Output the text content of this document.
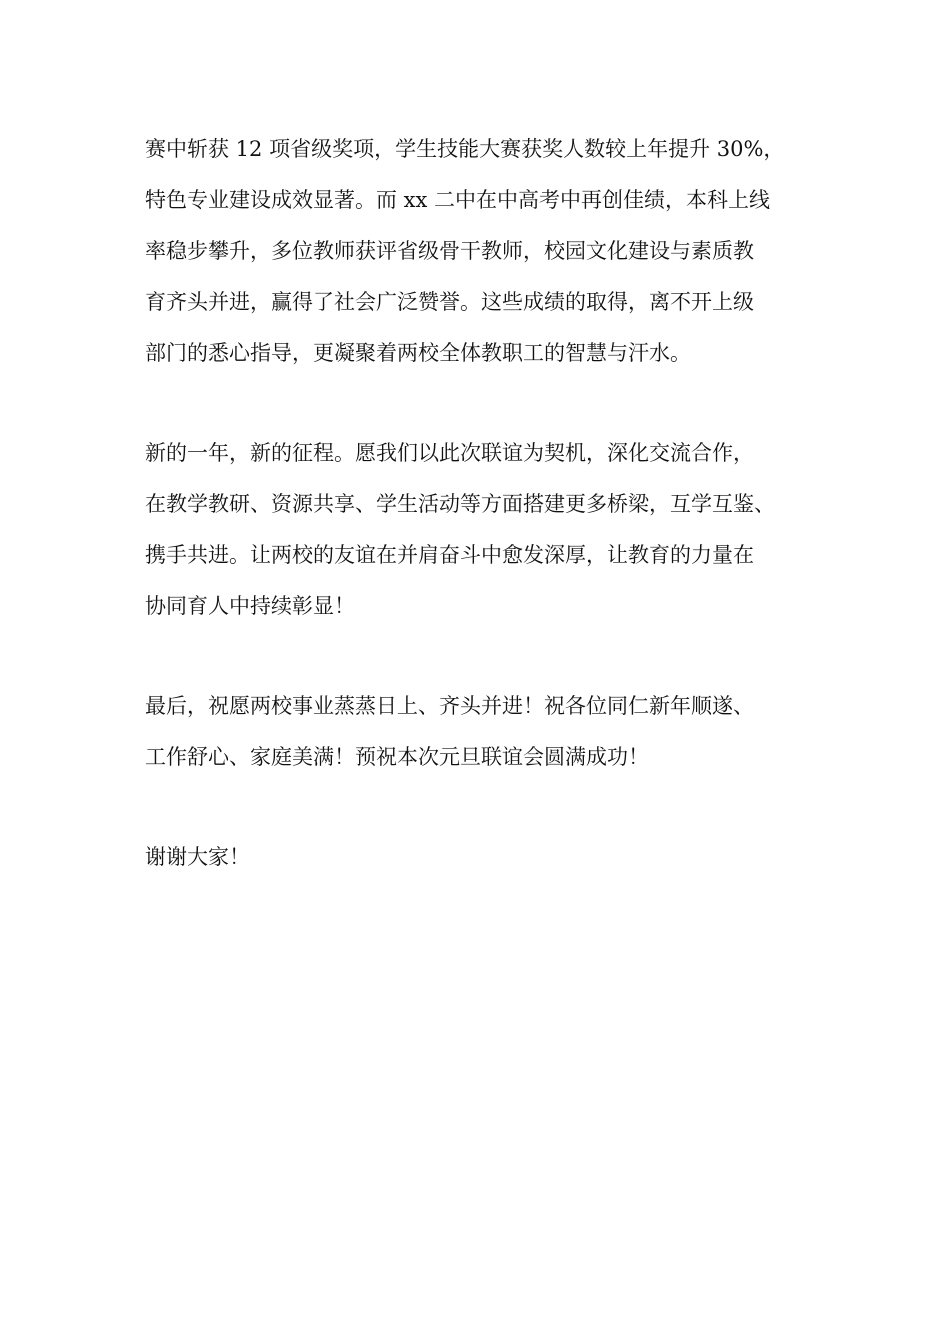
赛中斩获 12 项省级奖项，学生技能大赛获奖人数较上年提升 30%，
特色专业建设成效显著。而 xx 二中在中高考中再创佳绩，本科上线
率稳步攀升，多位教师获评省级骨干教师，校园文化建设与素质教
育齐头并进，赢得了社会广泛赞誉。这些成绩的取得，离不开上级
部门的悉心指导，更凝聚着两校全体教职工的智慧与汗水。

新的一年，新的征程。愿我们以此次联谊为契机，深化交流合作，
在教学教研、资源共享、学生活动等方面搭建更多桥梁，互学互鉴、
携手共进。让两校的友谊在并肩奋斗中愈发深厚，让教育的力量在
协同育人中持续彰显！

最后，祝愿两校事业蒸蒸日上、齐头并进！祝各位同仁新年顺遂、
工作舒心、家庭美满！预祝本次元旦联谊会圆满成功！

谢谢大家！
